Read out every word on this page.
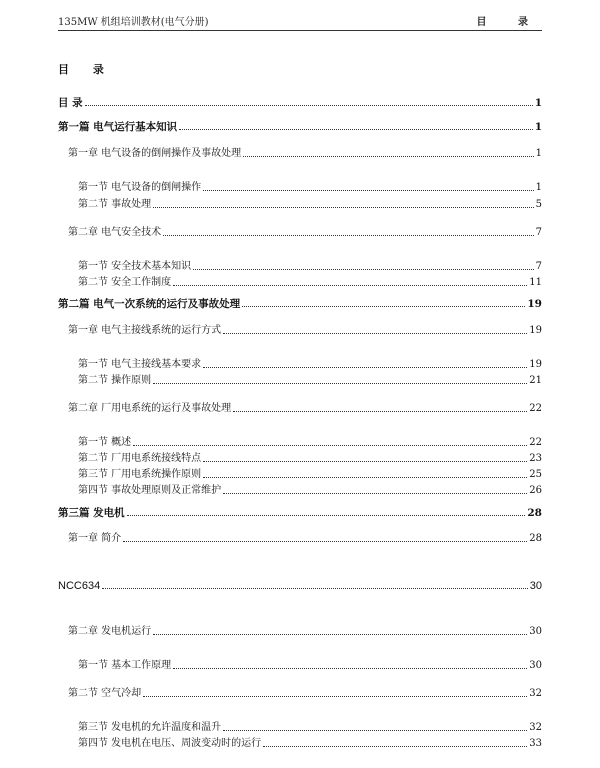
135MW 机组培训教材(电气分册)	目 录
目 录
目 录	1
第一篇 电气运行基本知识	1
第一章 电气设备的倒闸操作及事故处理	1
第一节 电气设备的倒闸操作	1
第二节 事故处理	5
第二章 电气安全技术	7
第一节 安全技术基本知识	7
第二节 安全工作制度	11
第二篇 电气一次系统的运行及事故处理	19
第一章 电气主接线系统的运行方式	19
第一节 电气主接线基本要求	19
第二节 操作原则	21
第二章 厂用电系统的运行及事故处理	22
第一节 概述	22
第二节 厂用电系统接线特点	23
第三节 厂用电系统操作原则	25
第四节 事故处理原则及正常维护	26
第三篇 发电机	28
第一章 简介	28
NCC634	30
第二章 发电机运行	30
第一节 基本工作原理	30
第二节 空气冷却	32
第三节 发电机的允许温度和温升	32
第四节 发电机在电压、周波变动时的运行	33
